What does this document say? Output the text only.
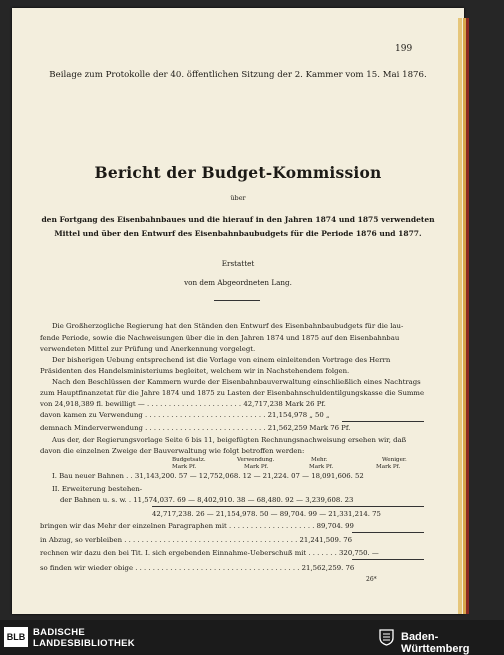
199
Beilage zum Protokolle der 40. öffentlichen Sitzung der 2. Kammer vom 15. Mai 1876.
Bericht der Budget-Kommission
über
den Fortgang des Eisenbahnbaues und die hierauf in den Jahren 1874 und 1875 verwendeten
Mittel und über den Entwurf des Eisenbahnbaubudgets für die Periode 1876 und 1877.
Erstattet
von dem Abgeordneten Lang.
Die Großherzogliche Regierung hat den Ständen den Entwurf des Eisenbahnbaubudgets für die lau-
fende Periode, sowie die Nachweisungen über die in den Jahren 1874 und 1875 auf den Eisenbahnbau
verwendeten Mittel zur Prüfung und Anerkennung vorgelegt.
Der bisherigen Uebung entsprechend ist die Vorlage von einem einleitenden Vortrage des Herrn
Präsidenten des Handelsministeriums begleitet, welchem wir in Nachstehendem folgen.
Nach den Beschlüssen der Kammern wurde der Eisenbahnbauverwaltung einschließlich eines Nachtrags
zum Hauptfinanzetat für die Jahre 1874 und 1875 zu Lasten der Eisenbahnschuldentilgungskasse die Summe
von 24,918,389 fl. bewilligt — . . . . . . . . . . . . . . . . . . . . . . 42,717,238 Mark 26 Pf.
davon kamen zu Verwendung . . . . . . . . . . . . . . . . . . . . . . . . . . . . 21,154,978 „ 50 „
demnach Minderverwendung . . . . . . . . . . . . . . . . . . . . . . . . . . . . 21,562,259 Mark 76 Pf.
Aus der, der Regierungsvorlage Seite 6 bis 11, beigefügten Rechnungsnachweisung ersehen wir, daß
davon die einzelnen Zweige der Bauverwaltung wie folgt betroffen werden:
Budgetsatz.	Verwendung.	Mehr.	Weniger.
Mark Pf.	Mark Pf.	Mark Pf.	Mark Pf.
I. Bau neuer Bahnen . . 31,143,200. 57 — 12,752,068. 12 — 21,224. 07 — 18,091,606. 52
II. Erweiterung bestehen-
der Bahnen u. s. w. . 11,574,037. 69 — 8,402,910. 38 — 68,480. 92 — 3,239,608. 23
42,717,238. 26 — 21,154,978. 50 — 89,704. 99 — 21,331,214. 75
bringen wir das Mehr der einzelnen Paragraphen mit . . . . . . . . . . . . . . . . . . . . 89,704. 99
in Abzug, so verbleiben . . . . . . . . . . . . . . . . . . . . . . . . . . . . . . . . . . . . . . . . 21,241,509. 76
rechnen wir dazu den bei Tit. I. sich ergebenden Einnahme-Ueberschuß mit . . . . . . . 320,750. —
so finden wir wieder obige . . . . . . . . . . . . . . . . . . . . . . . . . . . . . . . . . . . . . . 21,562,259. 76
26*
BLB BADISCHE
LANDESBIBLIOTHEK
Baden-Württemberg
